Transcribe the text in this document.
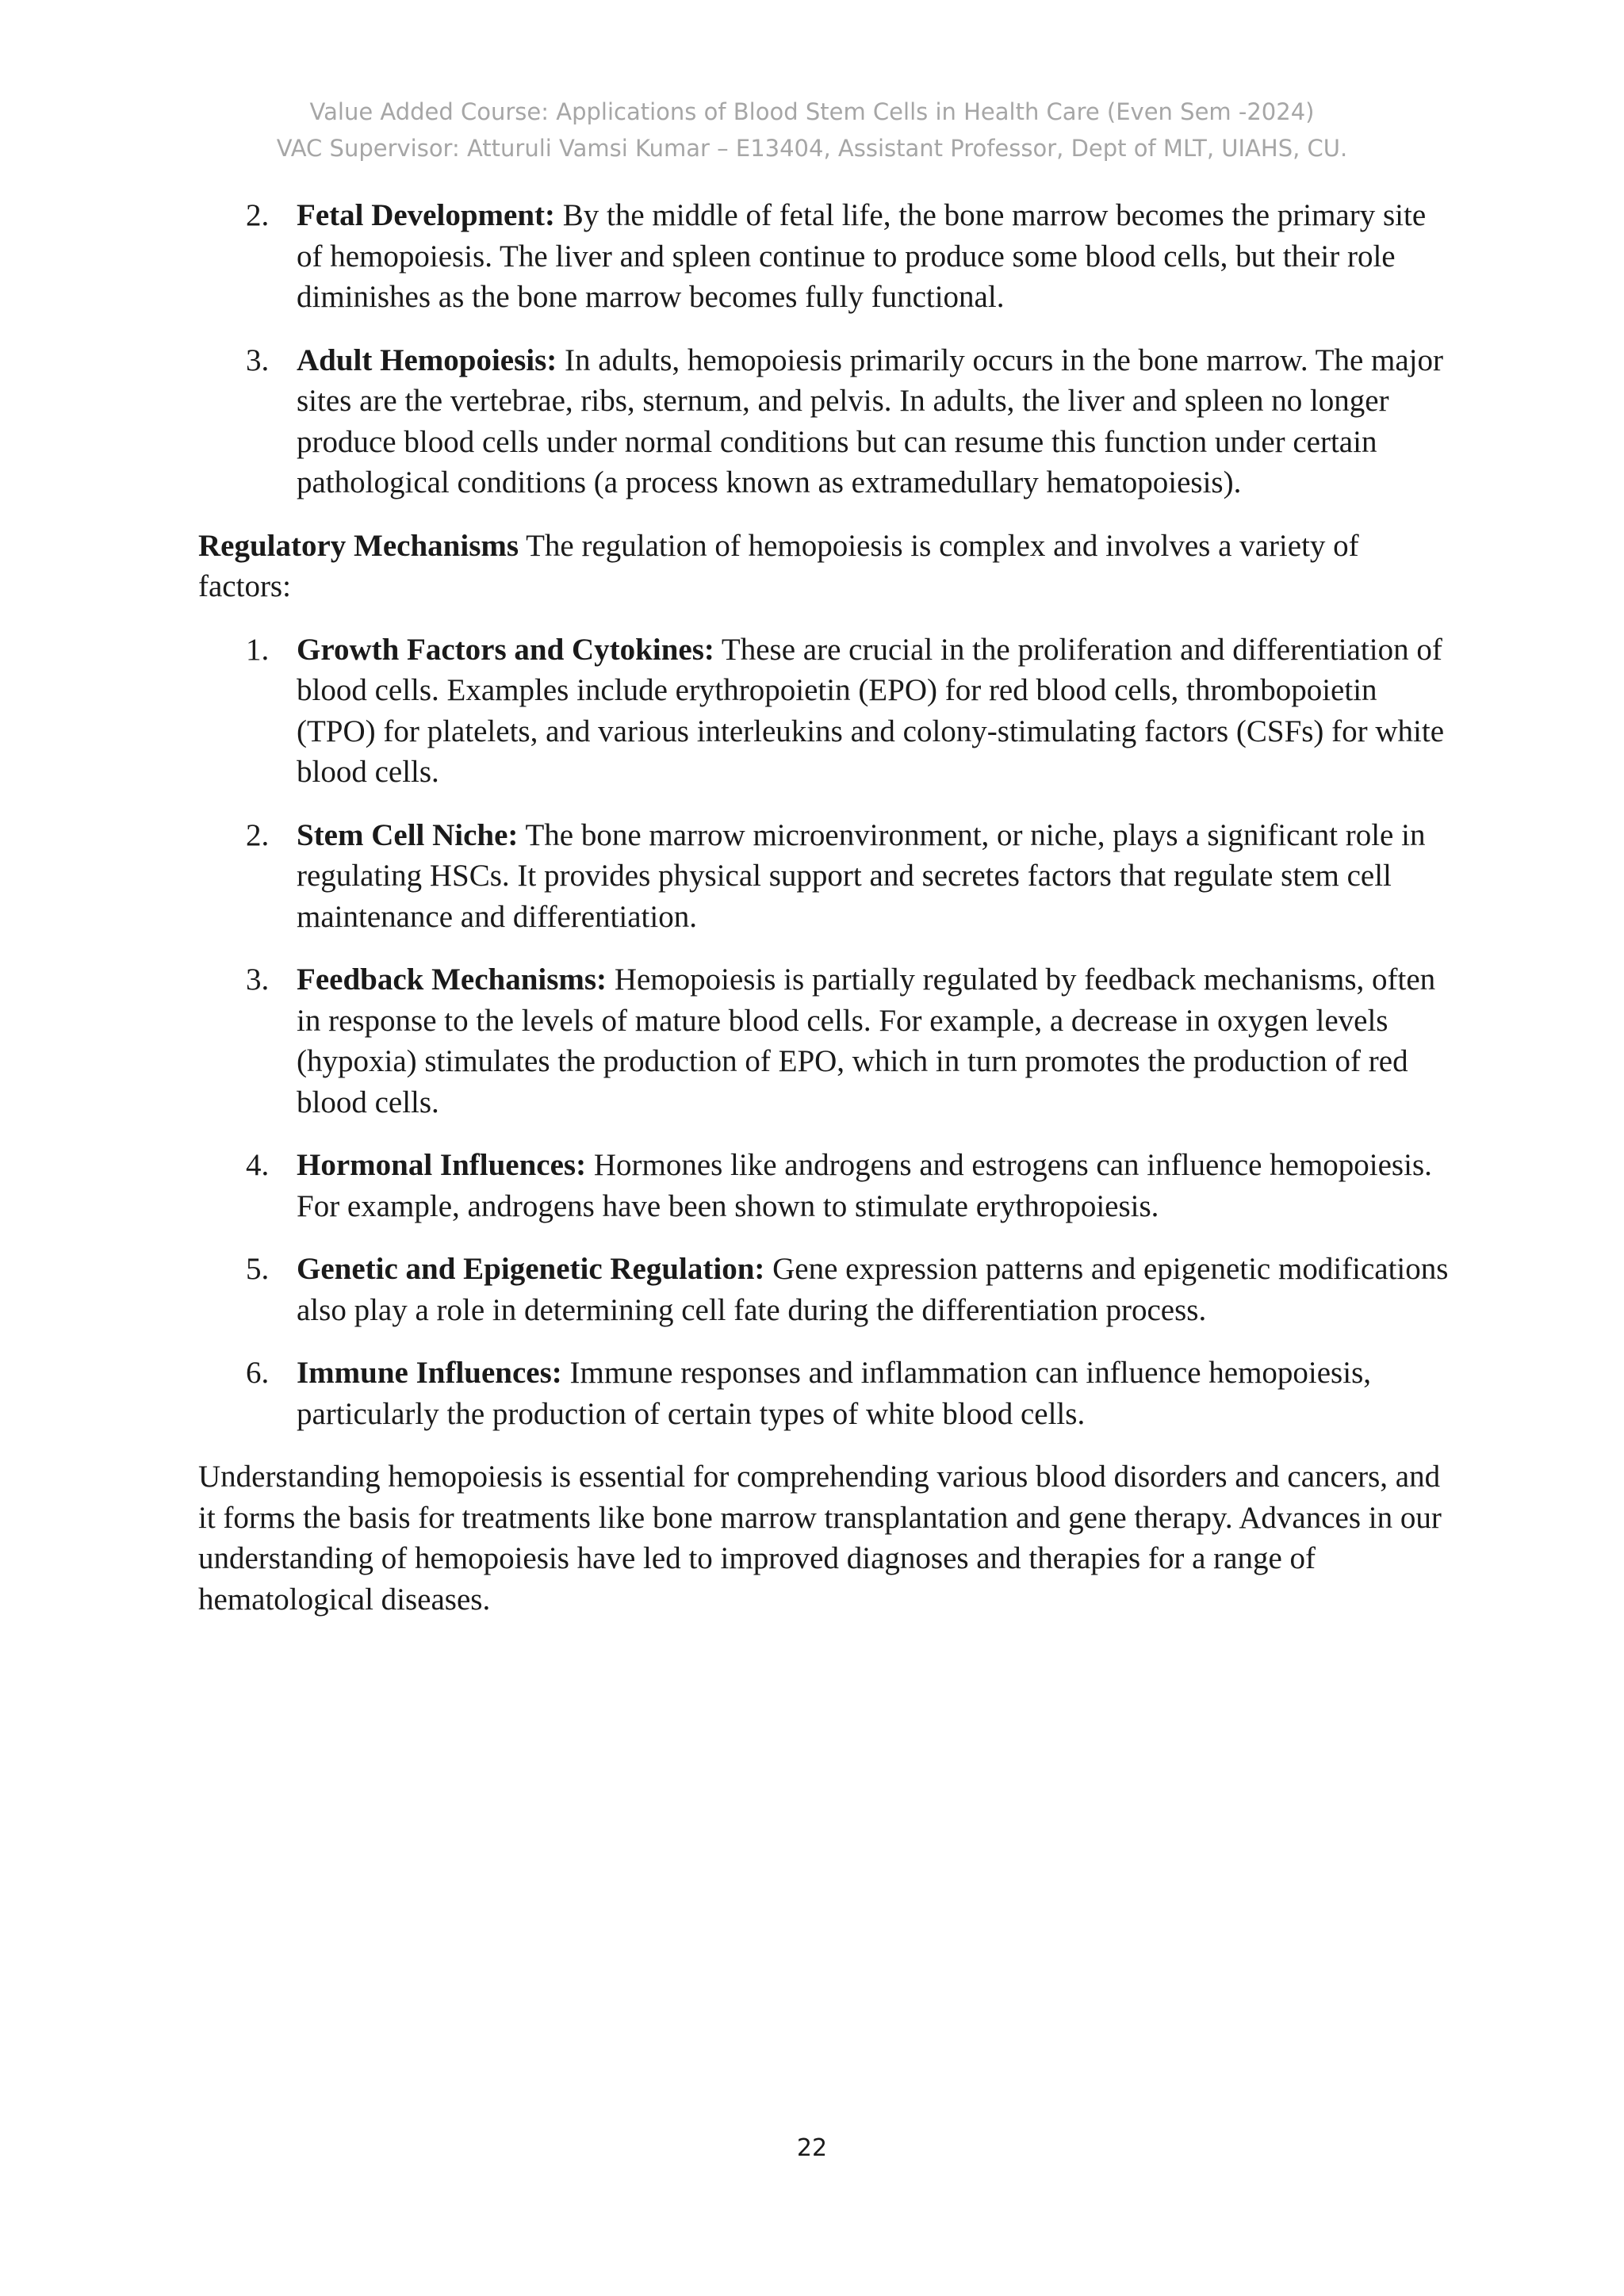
Value Added Course: Applications of Blood Stem Cells in Health Care (Even Sem -2024)
VAC Supervisor: Atturuli Vamsi Kumar – E13404, Assistant Professor, Dept of MLT, UIAHS, CU.
2. Fetal Development: By the middle of fetal life, the bone marrow becomes the primary site of hemopoiesis. The liver and spleen continue to produce some blood cells, but their role diminishes as the bone marrow becomes fully functional.
3. Adult Hemopoiesis: In adults, hemopoiesis primarily occurs in the bone marrow. The major sites are the vertebrae, ribs, sternum, and pelvis. In adults, the liver and spleen no longer produce blood cells under normal conditions but can resume this function under certain pathological conditions (a process known as extramedullary hematopoiesis).

Regulatory Mechanisms The regulation of hemopoiesis is complex and involves a variety of factors:

1. Growth Factors and Cytokines: These are crucial in the proliferation and differentiation of blood cells. Examples include erythropoietin (EPO) for red blood cells, thrombopoietin (TPO) for platelets, and various interleukins and colony-stimulating factors (CSFs) for white blood cells.
2. Stem Cell Niche: The bone marrow microenvironment, or niche, plays a significant role in regulating HSCs. It provides physical support and secretes factors that regulate stem cell maintenance and differentiation.
3. Feedback Mechanisms: Hemopoiesis is partially regulated by feedback mechanisms, often in response to the levels of mature blood cells. For example, a decrease in oxygen levels (hypoxia) stimulates the production of EPO, which in turn promotes the production of red blood cells.
4. Hormonal Influences: Hormones like androgens and estrogens can influence hemopoiesis. For example, androgens have been shown to stimulate erythropoiesis.
5. Genetic and Epigenetic Regulation: Gene expression patterns and epigenetic modifications also play a role in determining cell fate during the differentiation process.
6. Immune Influences: Immune responses and inflammation can influence hemopoiesis, particularly the production of certain types of white blood cells.

Understanding hemopoiesis is essential for comprehending various blood disorders and cancers, and it forms the basis for treatments like bone marrow transplantation and gene therapy. Advances in our understanding of hemopoiesis have led to improved diagnoses and therapies for a range of hematological diseases.

22
